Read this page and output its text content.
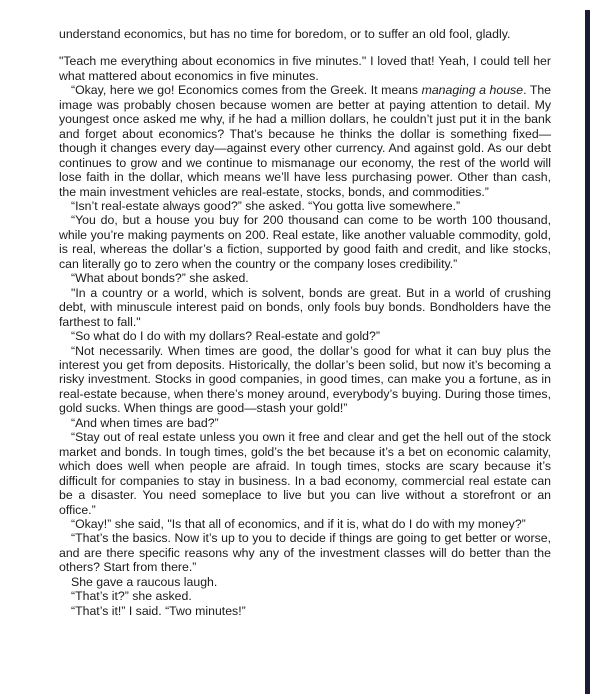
understand economics, but has no time for boredom, or to suffer an old fool, gladly.

"Teach me everything about economics in five minutes." I loved that! Yeah, I could tell her what mattered about economics in five minutes.

“Okay, here we go! Economics comes from the Greek. It means managing a house. The image was probably chosen because women are better at paying attention to detail. My youngest once asked me why, if he had a million dollars, he couldn’t just put it in the bank and forget about economics? That’s because he thinks the dollar is something fixed—though it changes every day—against every other currency. And against gold. As our debt continues to grow and we continue to mismanage our economy, the rest of the world will lose faith in the dollar, which means we’ll have less purchasing power. Other than cash, the main investment vehicles are real-estate, stocks, bonds, and commodities.”

“Isn’t real-estate always good?” she asked. “You gotta live somewhere.”

“You do, but a house you buy for 200 thousand can come to be worth 100 thousand, while you’re making payments on 200. Real estate, like another valuable commodity, gold, is real, whereas the dollar’s a fiction, supported by good faith and credit, and like stocks, can literally go to zero when the country or the company loses credibility.”

“What about bonds?” she asked.

"In a country or a world, which is solvent, bonds are great. But in a world of crushing debt, with minuscule interest paid on bonds, only fools buy bonds. Bondholders have the farthest to fall."

“So what do I do with my dollars? Real-estate and gold?”

“Not necessarily. When times are good, the dollar’s good for what it can buy plus the interest you get from deposits. Historically, the dollar’s been solid, but now it’s becoming a risky investment. Stocks in good companies, in good times, can make you a fortune, as in real-estate because, when there’s money around, everybody’s buying. During those times, gold sucks. When things are good—stash your gold!”

“And when times are bad?”

“Stay out of real estate unless you own it free and clear and get the hell out of the stock market and bonds. In tough times, gold’s the bet because it’s a bet on economic calamity, which does well when people are afraid. In tough times, stocks are scary because it’s difficult for companies to stay in business. In a bad economy, commercial real estate can be a disaster. You need someplace to live but you can live without a storefront or an office.”

“Okay!” she said, "Is that all of economics, and if it is, what do I do with my money?”

“That’s the basics. Now it’s up to you to decide if things are going to get better or worse, and are there specific reasons why any of the investment classes will do better than the others? Start from there.”

She gave a raucous laugh.

“That’s it?” she asked.

“That’s it!” I said. “Two minutes!”
